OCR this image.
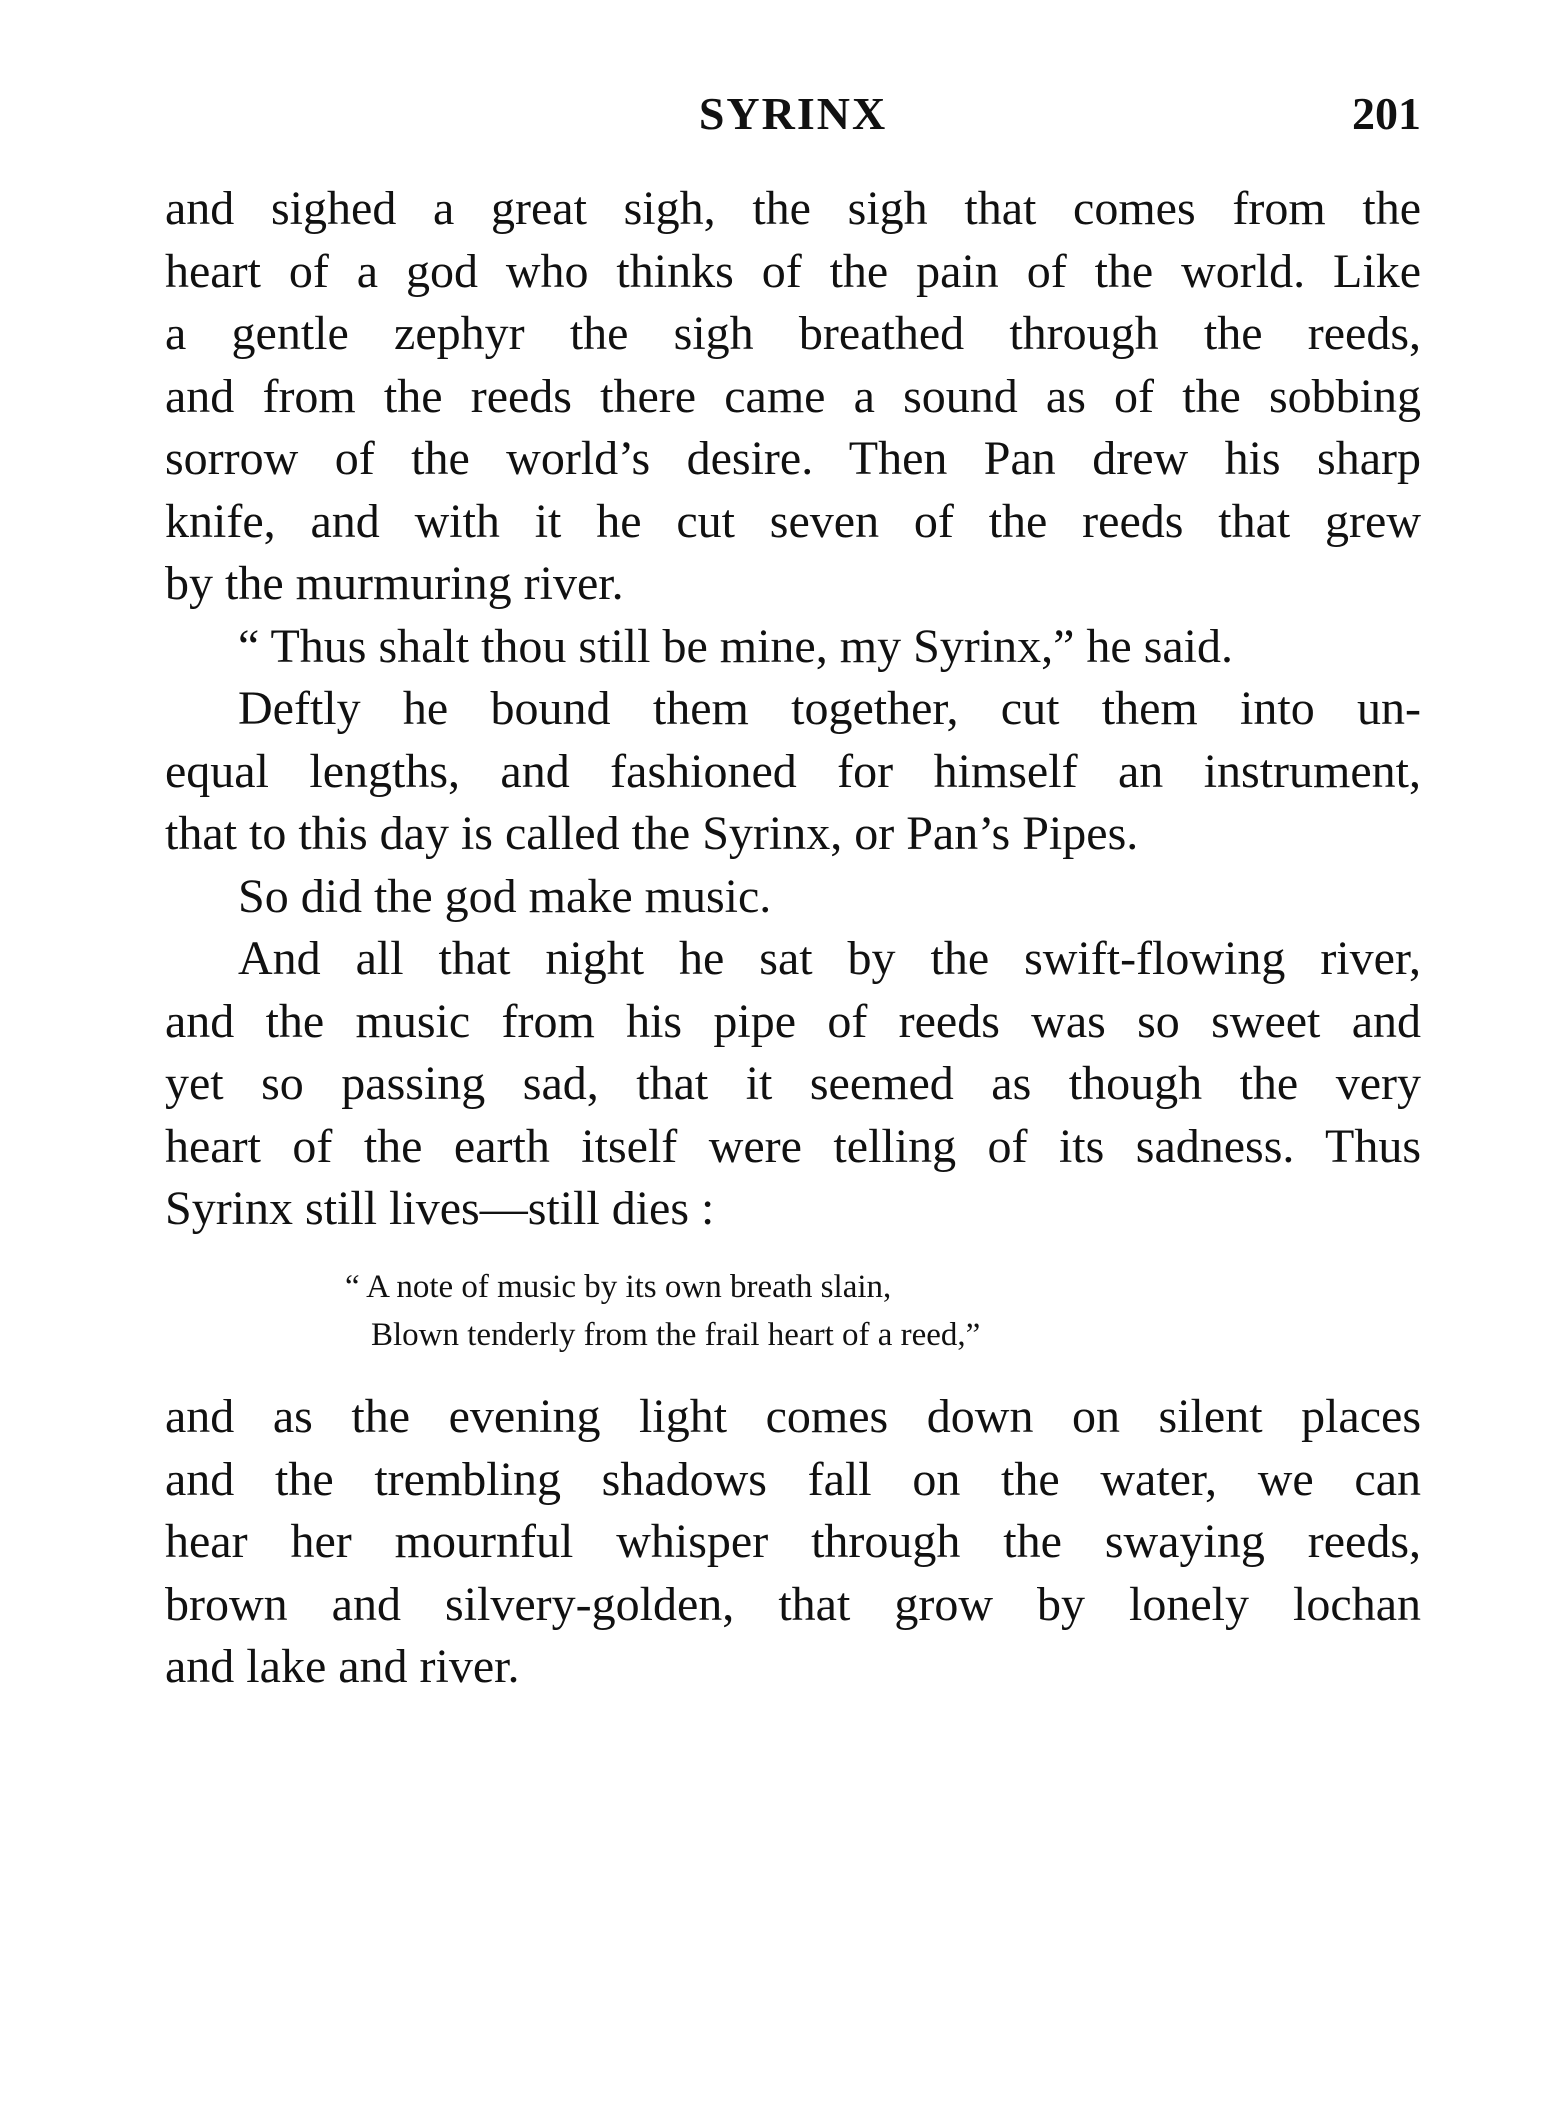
SYRINX	201
and sighed a great sigh, the sigh that comes from the
heart of a god who thinks of the pain of the world. Like
a gentle zephyr the sigh breathed through the reeds,
and from the reeds there came a sound as of the sobbing
sorrow of the world’s desire. Then Pan drew his sharp
knife, and with it he cut seven of the reeds that grew
by the murmuring river.
“ Thus shalt thou still be mine, my Syrinx,” he said.
Deftly he bound them together, cut them into un-
equal lengths, and fashioned for himself an instrument,
that to this day is called the Syrinx, or Pan’s Pipes.
So did the god make music.
And all that night he sat by the swift-flowing river,
and the music from his pipe of reeds was so sweet and
yet so passing sad, that it seemed as though the very
heart of the earth itself were telling of its sadness. Thus
Syrinx still lives—still dies :
“ A note of music by its own breath slain,
Blown tenderly from the frail heart of a reed,”
and as the evening light comes down on silent places
and the trembling shadows fall on the water, we can
hear her mournful whisper through the swaying reeds,
brown and silvery-golden, that grow by lonely lochan
and lake and river.
